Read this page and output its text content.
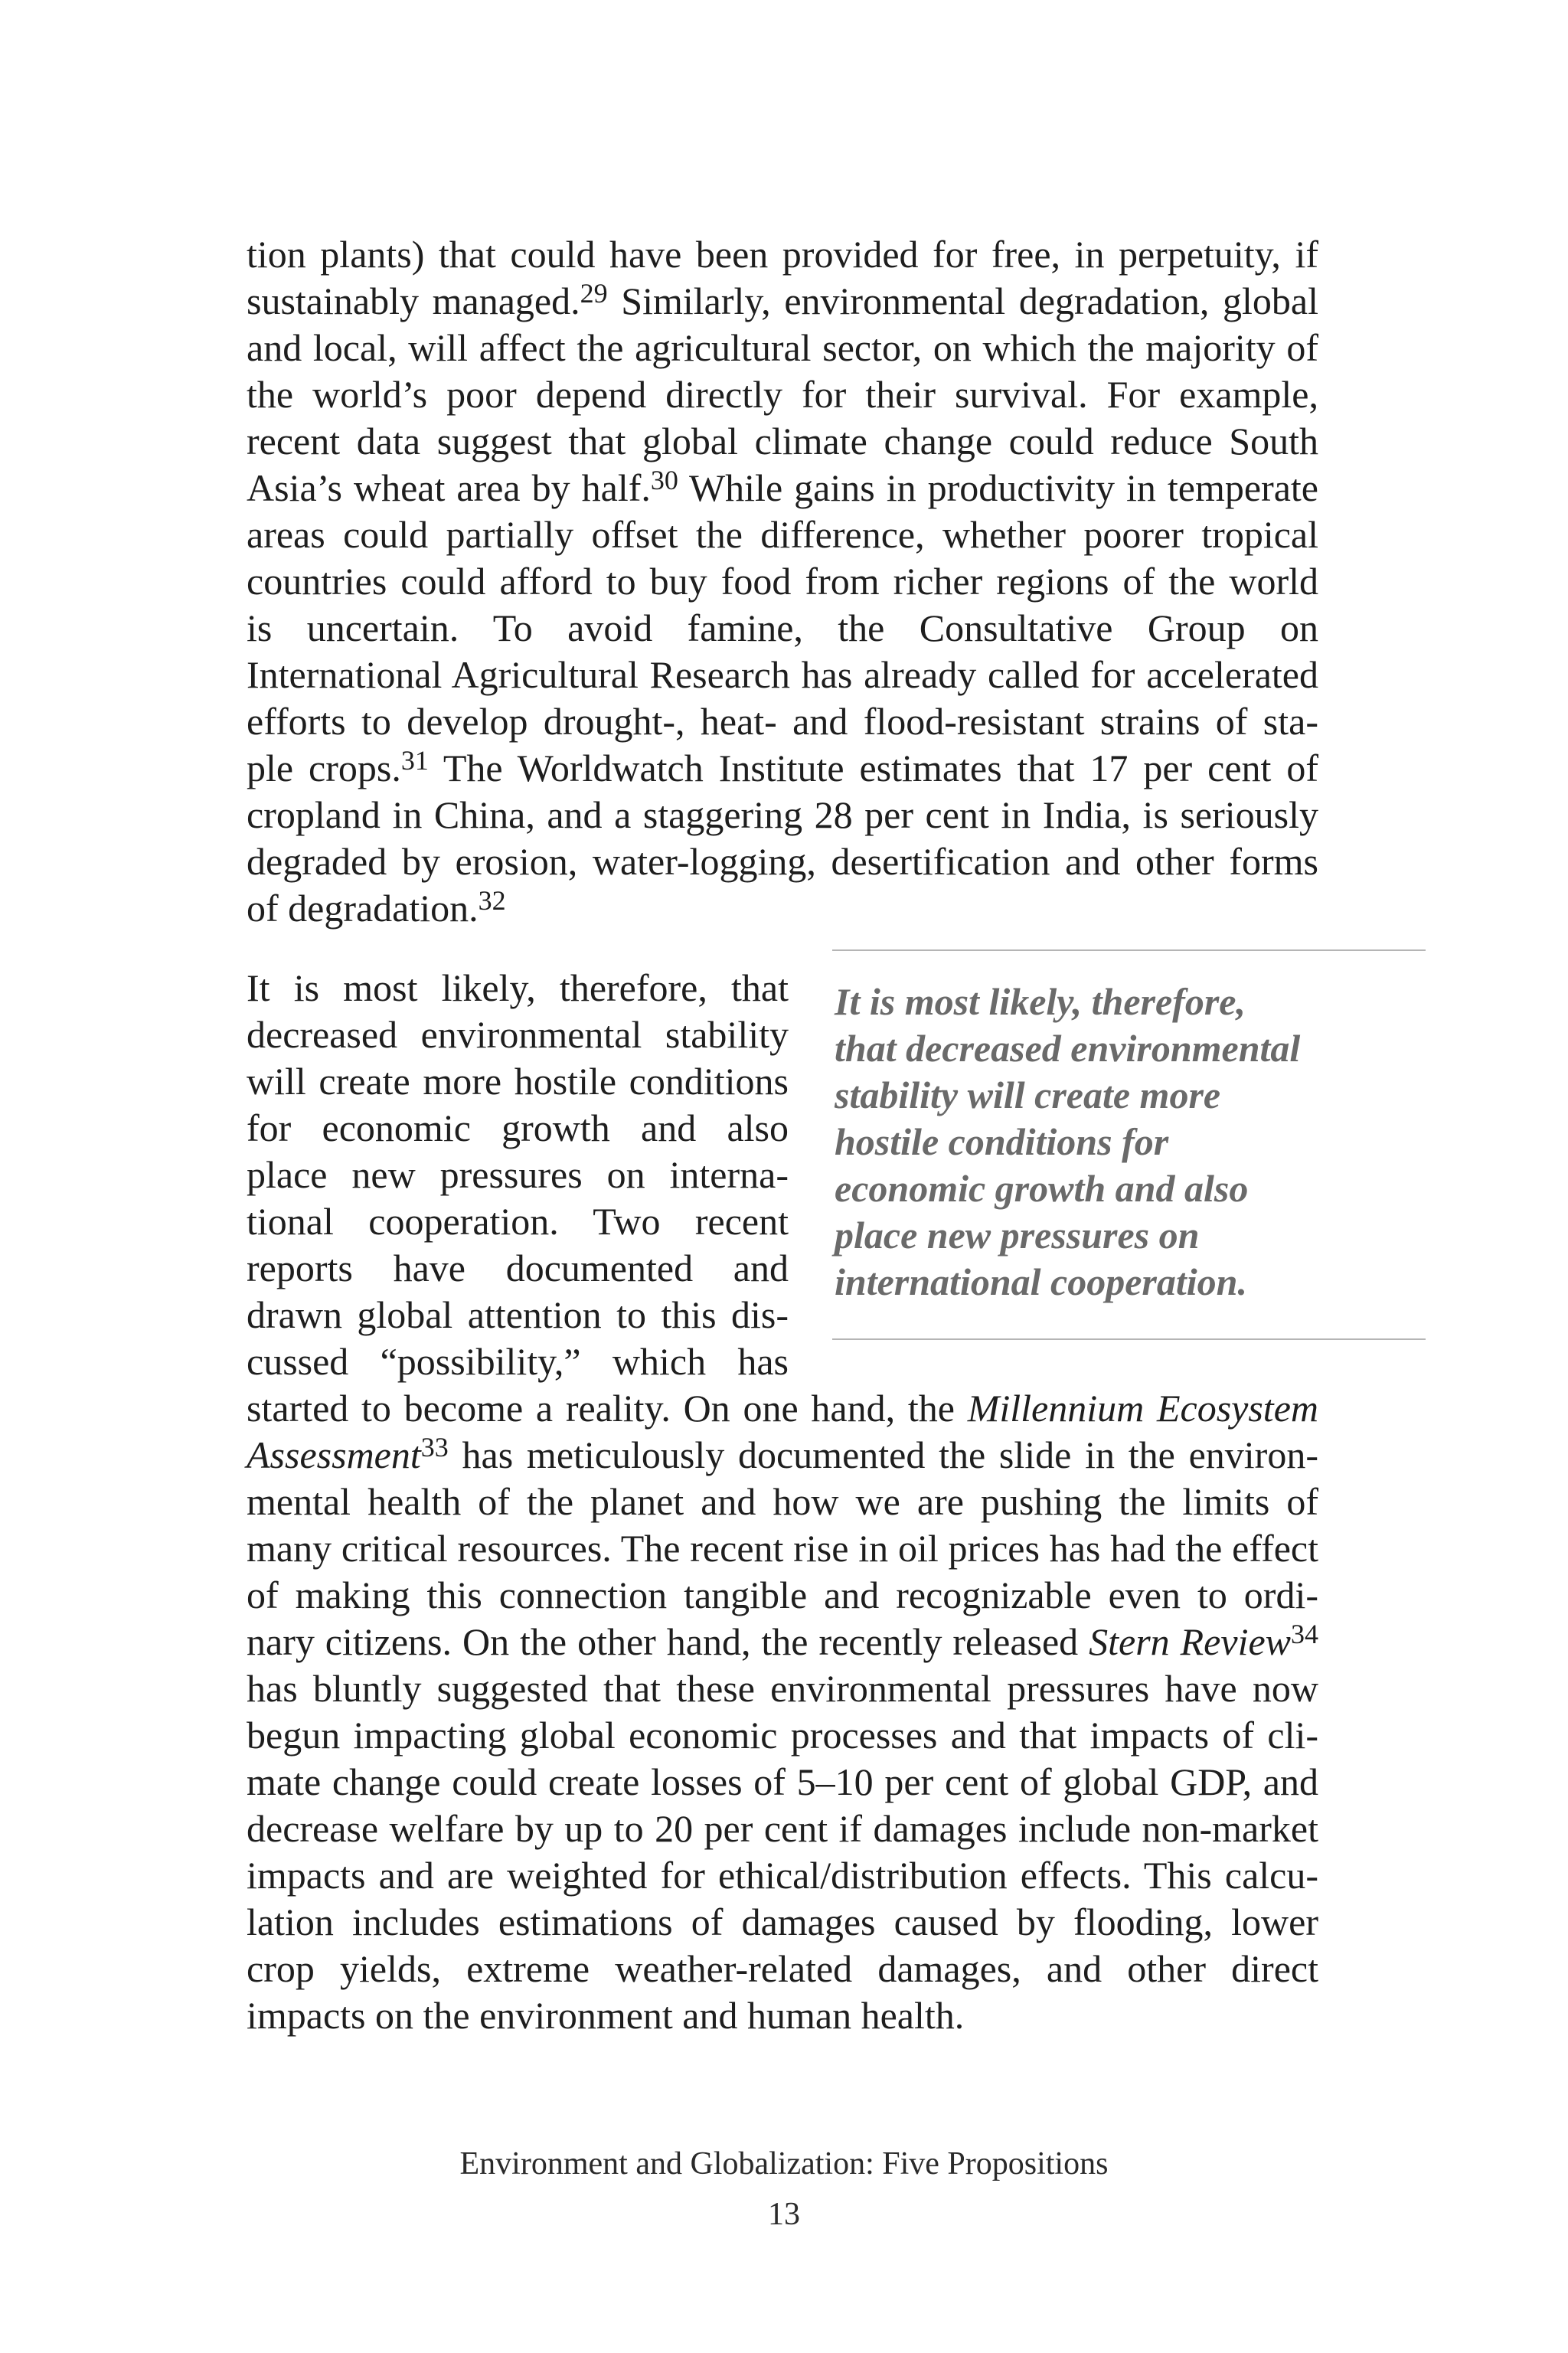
tion plants) that could have been provided for free, in perpetuity, if
sustainably managed.$^{29}$ Similarly, environmental degradation, global
and local, will affect the agricultural sector, on which the majority of
the world’s poor depend directly for their survival. For example,
recent data suggest that global climate change could reduce South
Asia’s wheat area by half.$^{30}$ While gains in productivity in temperate
areas could partially offset the difference, whether poorer tropical
countries could afford to buy food from richer regions of the world
is uncertain. To avoid famine, the Consultative Group on
International Agricultural Research has already called for accelerated
efforts to develop drought-, heat- and flood-resistant strains of sta-
ple crops.$^{31}$ The Worldwatch Institute estimates that 17 per cent of
cropland in China, and a staggering 28 per cent in India, is seriously
degraded by erosion, water-logging, desertification and other forms
of degradation.$^{32}$
It is most likely, therefore,
that decreased environmental
stability will create more
hostile conditions for
economic growth and also
place new pressures on
international cooperation.
It is most likely, therefore, that
decreased environmental stability
will create more hostile conditions
for economic growth and also
place new pressures on interna-
tional cooperation. Two recent
reports have documented and
drawn global attention to this dis-
cussed “possibility,” which has
started to become a reality. On one hand, the Millennium Ecosystem
Assessment$^{33}$ has meticulously documented the slide in the environ-
mental health of the planet and how we are pushing the limits of
many critical resources. The recent rise in oil prices has had the effect
of making this connection tangible and recognizable even to ordi-
nary citizens. On the other hand, the recently released Stern Review$^{34}$
has bluntly suggested that these environmental pressures have now
begun impacting global economic processes and that impacts of cli-
mate change could create losses of 5–10 per cent of global GDP, and
decrease welfare by up to 20 per cent if damages include non-market
impacts and are weighted for ethical/distribution effects. This calcu-
lation includes estimations of damages caused by flooding, lower
crop yields, extreme weather-related damages, and other direct
impacts on the environment and human health.
Environment and Globalization: Five Propositions
13
